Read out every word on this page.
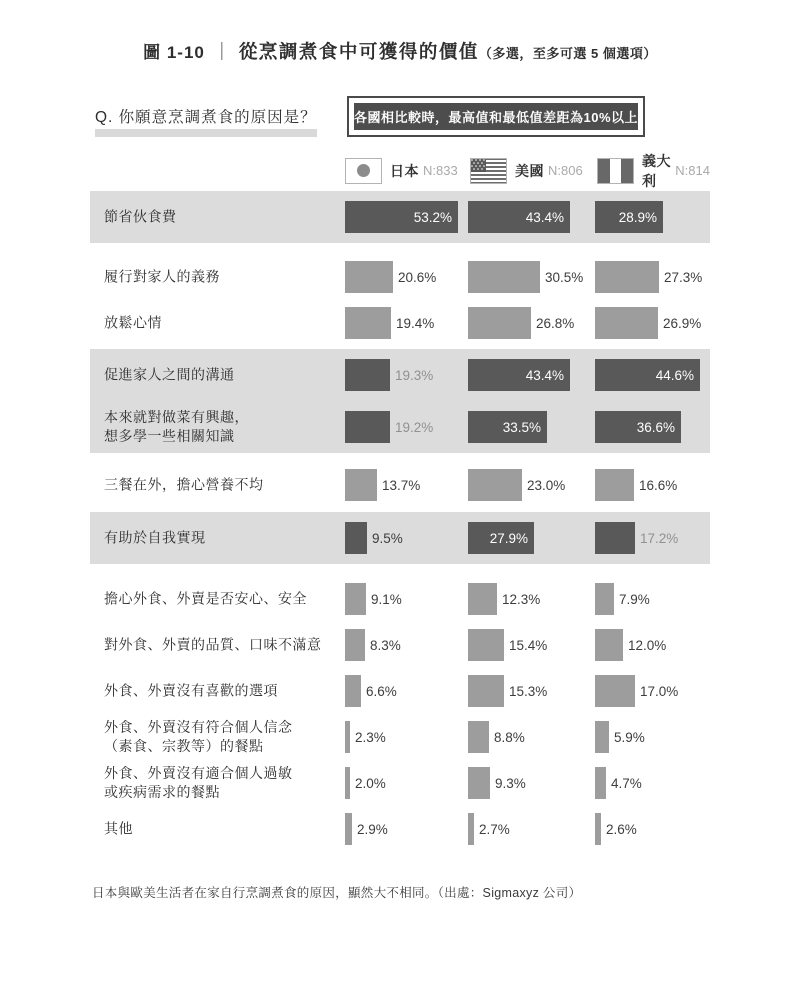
圖 1-10 ｜ 從烹調煮食中可獲得的價值（多選，至多可選 5 個選項）
Q. 你願意烹調煮食的原因是？	各國相比較時，最高值和最低值差距為10%以上
日本 N:833	美國 N:806
義大利
N:814
節省伙食費	53.2%	43.4%	28.9%
履行對家人的義務	20.6%	30.5%	27.3%
放鬆心情	19.4%	26.8%	26.9%
促進家人之間的溝通	19.3%	43.4%	44.6%
本來就對做菜有興趣，
想多學一些相關知識
19.2%	33.5%	36.6%
三餐在外，擔心營養不均	13.7%	23.0%	16.6%
有助於自我實現	9.5%	27.9%	17.2%
擔心外食、外賣是否安心、安全	9.1%	12.3%	7.9%
對外食、外賣的品質、口味不滿意	8.3%	15.4%	12.0%
外食、外賣沒有喜歡的選項	6.6%	15.3%	17.0%
外食、外賣沒有符合個人信念
（素食、宗教等）的餐點
2.3%	8.8%	5.9%
外食、外賣沒有適合個人過敏
或疾病需求的餐點
2.0%	9.3%	4.7%
其他	2.9%	2.7%	2.6%
日本與歐美生活者在家自行烹調煮食的原因，顯然大不相同。（出處：Sigmaxyz 公司）
